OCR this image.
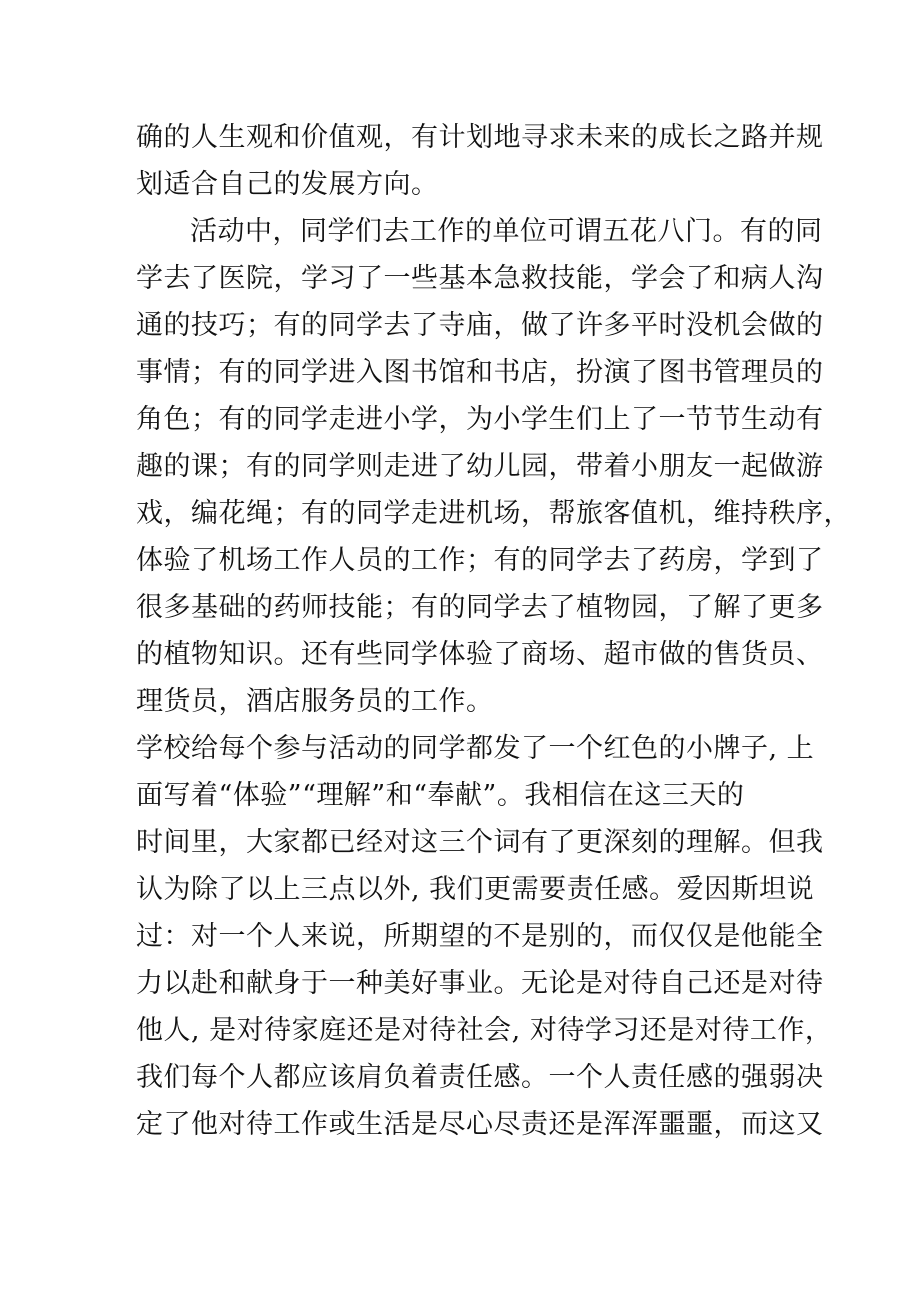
确的人生观和价值观，有计划地寻求未来的成长之路并规
划适合自己的发展方向。
活动中，同学们去工作的单位可谓五花八门。有的同
学去了医院，学习了一些基本急救技能，学会了和病人沟
通的技巧；有的同学去了寺庙，做了许多平时没机会做的
事情；有的同学进入图书馆和书店，扮演了图书管理员的
角色；有的同学走进小学，为小学生们上了一节节生动有
趣的课；有的同学则走进了幼儿园，带着小朋友一起做游
戏，编花绳；有的同学走进机场，帮旅客值机，维持秩序，
体验了机场工作人员的工作；有的同学去了药房，学到了
很多基础的药师技能；有的同学去了植物园，了解了更多
的植物知识。还有些同学体验了商场、超市做的售货员、
理货员，酒店服务员的工作。
学校给每个参与活动的同学都发了一个红色的小牌子, 上
面写着“体验”“理解”和“奉献”。我相信在这三天的
时间里，大家都已经对这三个词有了更深刻的理解。但我
认为除了以上三点以外, 我们更需要责任感。爱因斯坦说
过：对一个人来说，所期望的不是别的，而仅仅是他能全
力以赴和献身于一种美好事业。无论是对待自己还是对待
他人, 是对待家庭还是对待社会, 对待学习还是对待工作，
我们每个人都应该肩负着责任感。一个人责任感的强弱决
定了他对待工作或生活是尽心尽责还是浑浑噩噩，而这又
